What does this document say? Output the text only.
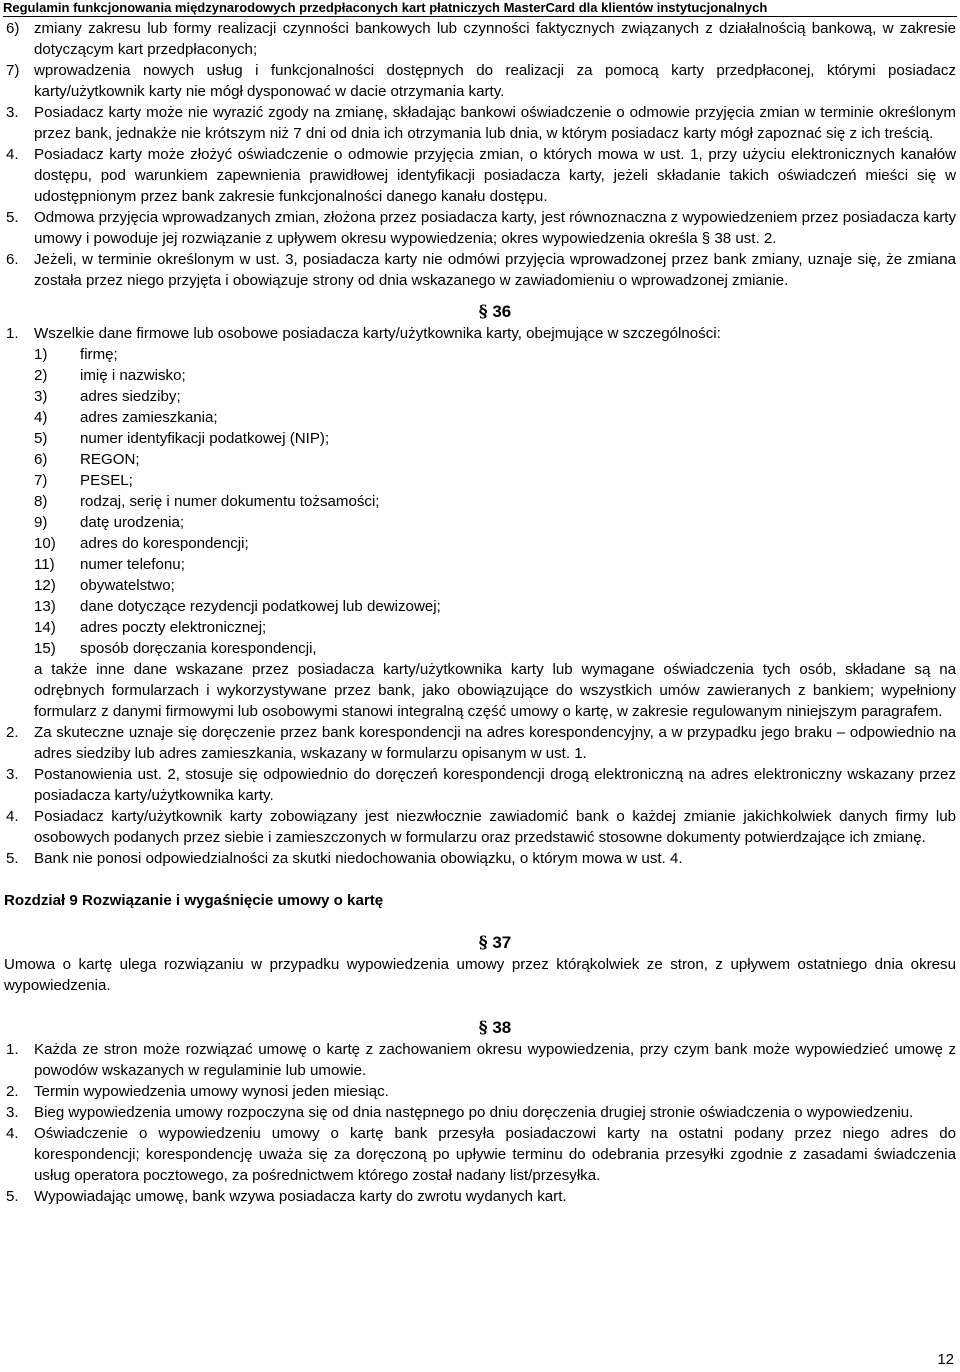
Regulamin funkcjonowania międzynarodowych przedpłaconych kart płatniczych MasterCard dla klientów instytucjonalnych
6) zmiany zakresu lub formy realizacji czynności bankowych lub czynności faktycznych związanych z działalnością bankową, w zakresie dotyczącym kart przedpłaconych;
7) wprowadzenia nowych usług i funkcjonalności dostępnych do realizacji za pomocą karty przedpłaconej, którymi posiadacz karty/użytkownik karty nie mógł dysponować w dacie otrzymania karty.
3. Posiadacz karty może nie wyrazić zgody na zmianę, składając bankowi oświadczenie o odmowie przyjęcia zmian w terminie określonym przez bank, jednakże nie krótszym niż 7 dni od dnia ich otrzymania lub dnia, w którym posiadacz karty mógł zapoznać się z ich treścią.
4. Posiadacz karty może złożyć oświadczenie o odmowie przyjęcia zmian, o których mowa w ust. 1, przy użyciu elektronicznych kanałów dostępu, pod warunkiem zapewnienia prawidłowej identyfikacji posiadacza karty, jeżeli składanie takich oświadczeń mieści się w udostępnionym przez bank zakresie funkcjonalności danego kanału dostępu.
5. Odmowa przyjęcia wprowadzanych zmian, złożona przez posiadacza karty, jest równoznaczna z wypowiedzeniem przez posiadacza karty umowy i powoduje jej rozwiązanie z upływem okresu wypowiedzenia; okres wypowiedzenia określa § 38 ust. 2.
6. Jeżeli, w terminie określonym w ust. 3, posiadacza karty nie odmówi przyjęcia wprowadzonej przez bank zmiany, uznaje się, że zmiana została przez niego przyjęta i obowiązuje strony od dnia wskazanego w zawiadomieniu o wprowadzonej zmianie.
§ 36
1. Wszelkie dane firmowe lub osobowe posiadacza karty/użytkownika karty, obejmujące w szczególności:
1) firmę;
2) imię i nazwisko;
3) adres siedziby;
4) adres zamieszkania;
5) numer identyfikacji podatkowej (NIP);
6) REGON;
7) PESEL;
8) rodzaj, serię i numer dokumentu tożsamości;
9) datę urodzenia;
10) adres do korespondencji;
11) numer telefonu;
12) obywatelstwo;
13) dane dotyczące rezydencji podatkowej lub dewizowej;
14) adres poczty elektronicznej;
15) sposób doręczania korespondencji,
a także inne dane wskazane przez posiadacza karty/użytkownika karty lub wymagane oświadczenia tych osób, składane są na odrębnych formularzach i wykorzystywane przez bank, jako obowiązujące do wszystkich umów zawieranych z bankiem; wypełniony formularz z danymi firmowymi lub osobowymi stanowi integralną część umowy o kartę, w zakresie regulowanym niniejszym paragrafem.
2. Za skuteczne uznaje się doręczenie przez bank korespondencji na adres korespondencyjny, a w przypadku jego braku – odpowiednio na adres siedziby lub adres zamieszkania, wskazany w formularzu opisanym w ust. 1.
3. Postanowienia ust. 2, stosuje się odpowiednio do doręczeń korespondencji drogą elektroniczną na adres elektroniczny wskazany przez posiadacza karty/użytkownika karty.
4. Posiadacz karty/użytkownik karty zobowiązany jest niezwłocznie zawiadomić bank o każdej zmianie jakichkolwiek danych firmy lub osobowych podanych przez siebie i zamieszczonych w formularzu oraz przedstawić stosowne dokumenty potwierdzające ich zmianę.
5. Bank nie ponosi odpowiedzialności za skutki niedochowania obowiązku, o którym mowa w ust. 4.
Rozdział 9 Rozwiązanie i wygaśnięcie umowy o kartę
§ 37
Umowa o kartę ulega rozwiązaniu w przypadku wypowiedzenia umowy przez którąkolwiek ze stron, z upływem ostatniego dnia okresu wypowiedzenia.
§ 38
1. Każda ze stron może rozwiązać umowę o kartę z zachowaniem okresu wypowiedzenia, przy czym bank może wypowiedzieć umowę z powodów wskazanych w regulaminie lub umowie.
2. Termin wypowiedzenia umowy wynosi jeden miesiąc.
3. Bieg wypowiedzenia umowy rozpoczyna się od dnia następnego po dniu doręczenia drugiej stronie oświadczenia o wypowiedzeniu.
4. Oświadczenie o wypowiedzeniu umowy o kartę bank przesyła posiadaczowi karty na ostatni podany przez niego adres do korespondencji; korespondencję uważa się za doręczoną po upływie terminu do odebrania przesyłki zgodnie z zasadami świadczenia usług operatora pocztowego, za pośrednictwem którego został nadany list/przesyłka.
5. Wypowiadając umowę, bank wzywa posiadacza karty do zwrotu wydanych kart.
12
